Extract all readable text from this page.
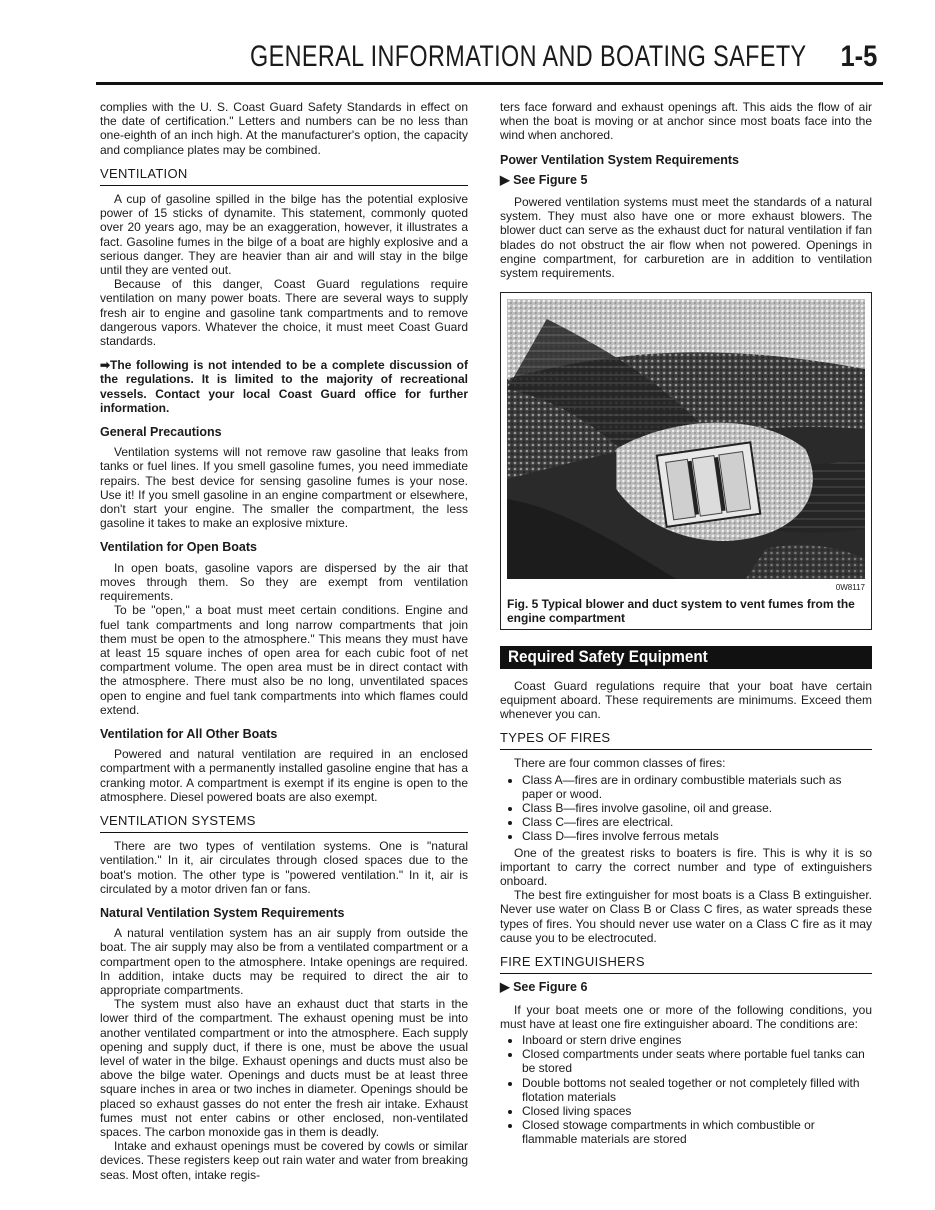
GENERAL INFORMATION AND BOATING SAFETY 1-5

complies with the U. S. Coast Guard Safety Standards in effect on the date of certification." Letters and numbers can be no less than one-eighth of an inch high. At the manufacturer's option, the capacity and compliance plates may be combined.

VENTILATION

A cup of gasoline spilled in the bilge has the potential explosive power of 15 sticks of dynamite. This statement, commonly quoted over 20 years ago, may be an exaggeration, however, it illustrates a fact. Gasoline fumes in the bilge of a boat are highly explosive and a serious danger. They are heavier than air and will stay in the bilge until they are vented out.

Because of this danger, Coast Guard regulations require ventilation on many power boats. There are several ways to supply fresh air to engine and gasoline tank compartments and to remove dangerous vapors. Whatever the choice, it must meet Coast Guard standards.

➡The following is not intended to be a complete discussion of the regulations. It is limited to the majority of recreational vessels. Contact your local Coast Guard office for further information.
General Precautions

Ventilation systems will not remove raw gasoline that leaks from tanks or fuel lines. If you smell gasoline fumes, you need immediate repairs. The best device for sensing gasoline fumes is your nose. Use it! If you smell gasoline in an engine compartment or elsewhere, don't start your engine. The smaller the compartment, the less gasoline it takes to make an explosive mixture.

Ventilation for Open Boats

In open boats, gasoline vapors are dispersed by the air that moves through them. So they are exempt from ventilation requirements.

To be "open," a boat must meet certain conditions. Engine and fuel tank compartments and long narrow compartments that join them must be open to the atmosphere." This means they must have at least 15 square inches of open area for each cubic foot of net compartment volume. The open area must be in direct contact with the atmosphere. There must also be no long, unventilated spaces open to engine and fuel tank compartments into which flames could extend.

Ventilation for All Other Boats

Powered and natural ventilation are required in an enclosed compartment with a permanently installed gasoline engine that has a cranking motor. A compartment is exempt if its engine is open to the atmosphere. Diesel powered boats are also exempt.

VENTILATION SYSTEMS

There are two types of ventilation systems. One is "natural ventilation." In it, air circulates through closed spaces due to the boat's motion. The other type is "powered ventilation." In it, air is circulated by a motor driven fan or fans.

Natural Ventilation System Requirements

A natural ventilation system has an air supply from outside the boat. The air supply may also be from a ventilated compartment or a compartment open to the atmosphere. Intake openings are required. In addition, intake ducts may be required to direct the air to appropriate compartments.

The system must also have an exhaust duct that starts in the lower third of the compartment. The exhaust opening must be into another ventilated compartment or into the atmosphere. Each supply opening and supply duct, if there is one, must be above the usual level of water in the bilge. Exhaust openings and ducts must also be above the bilge water. Openings and ducts must be at least three square inches in area or two inches in diameter. Openings should be placed so exhaust gasses do not enter the fresh air intake. Exhaust fumes must not enter cabins or other enclosed, non-ventilated spaces. The carbon monoxide gas in them is deadly.

Intake and exhaust openings must be covered by cowls or similar devices. These registers keep out rain water and water from breaking seas. Most often, intake regis-

ters face forward and exhaust openings aft. This aids the flow of air when the boat is moving or at anchor since most boats face into the wind when anchored.

Power Ventilation System Requirements
▶ See Figure 5

Powered ventilation systems must meet the standards of a natural system. They must also have one or more exhaust blowers. The blower duct can serve as the exhaust duct for natural ventilation if fan blades do not obstruct the air flow when not powered. Openings in engine compartment, for carburetion are in addition to ventilation system requirements.

0W8117
Fig. 5 Typical blower and duct system to vent fumes from the engine compartment
Required Safety Equipment

Coast Guard regulations require that your boat have certain equipment aboard. These requirements are minimums. Exceed them whenever you can.

TYPES OF FIRES

There are four common classes of fires:

• Class A—fires are in ordinary combustible materials such as paper or wood.
• Class B—fires involve gasoline, oil and grease.
• Class C—fires are electrical.
• Class D—fires involve ferrous metals

One of the greatest risks to boaters is fire. This is why it is so important to carry the correct number and type of extinguishers onboard.

The best fire extinguisher for most boats is a Class B extinguisher. Never use water on Class B or Class C fires, as water spreads these types of fires. You should never use water on a Class C fire as it may cause you to be electrocuted.

FIRE EXTINGUISHERS
▶ See Figure 6

If your boat meets one or more of the following conditions, you must have at least one fire extinguisher aboard. The conditions are:

• Inboard or stern drive engines
• Closed compartments under seats where portable fuel tanks can be stored
• Double bottoms not sealed together or not completely filled with flotation materials
• Closed living spaces
• Closed stowage compartments in which combustible or flammable materials are stored
